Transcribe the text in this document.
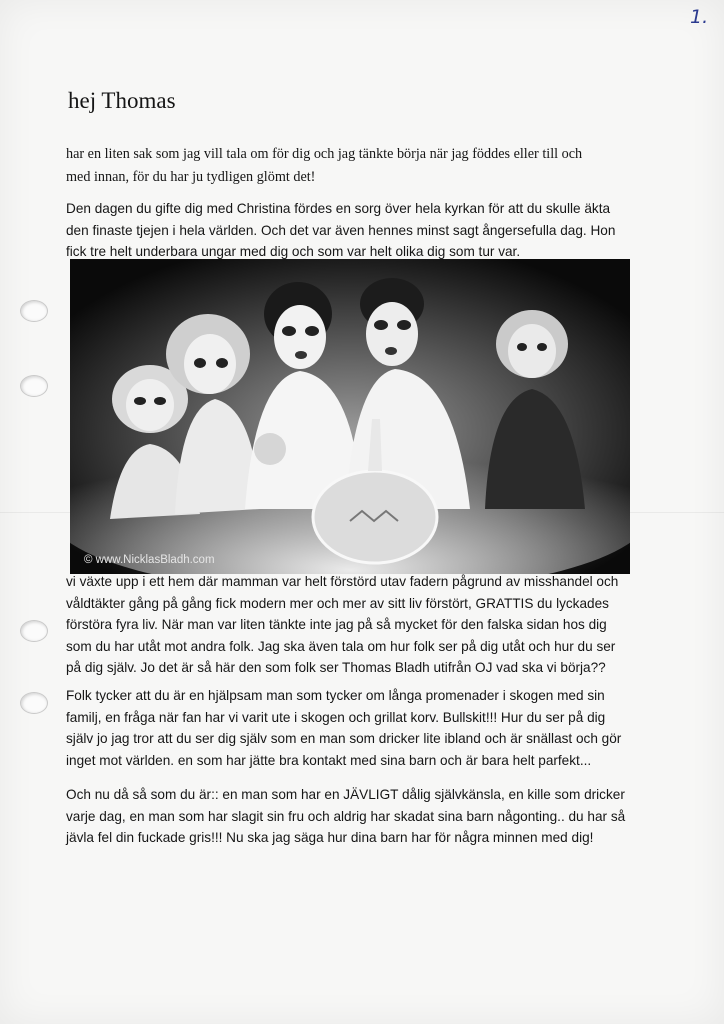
1.
hej Thomas
har en liten sak som jag vill tala om för dig och jag tänkte börja när jag föddes eller till och
med innan, för du har ju tydligen glömt det!
Den dagen du gifte dig med Christina fördes en sorg över hela kyrkan för att du skulle äkta
den finaste tjejen i hela världen. Och det var även hennes minst sagt ångersefulla dag. Hon
fick tre helt underbara ungar med dig och som var helt olika dig som tur var.
© www.NicklasBladh.com
vi växte upp i ett hem där mamman var helt förstörd utav fadern pågrund av misshandel och
våldtäkter gång på gång fick modern mer och mer av sitt liv förstört, GRATTIS du lyckades
förstöra fyra liv. När man var liten tänkte inte jag på så mycket för den falska sidan hos dig
som du har utåt mot andra folk. Jag ska även tala om hur folk ser på dig utåt och hur du ser
på dig själv. Jo det är så här den som folk ser Thomas Bladh utifrån OJ vad ska vi börja??
Folk tycker att du är en hjälpsam man som tycker om långa promenader i skogen med sin
familj, en fråga när fan har vi varit ute i skogen och grillat korv. Bullskit!!! Hur du ser på dig
själv jo jag tror att du ser dig själv som en man som dricker lite ibland och är snällast och gör
inget mot världen. en som har jätte bra kontakt med sina barn och är bara helt parfekt...
Och nu då så som du är:: en man som har en JÄVLIGT dålig självkänsla, en kille som dricker
varje dag, en man som har slagit sin fru och aldrig har skadat sina barn någonting.. du har så
jävla fel din fuckade gris!!! Nu ska jag säga hur dina barn har för några minnen med dig!
